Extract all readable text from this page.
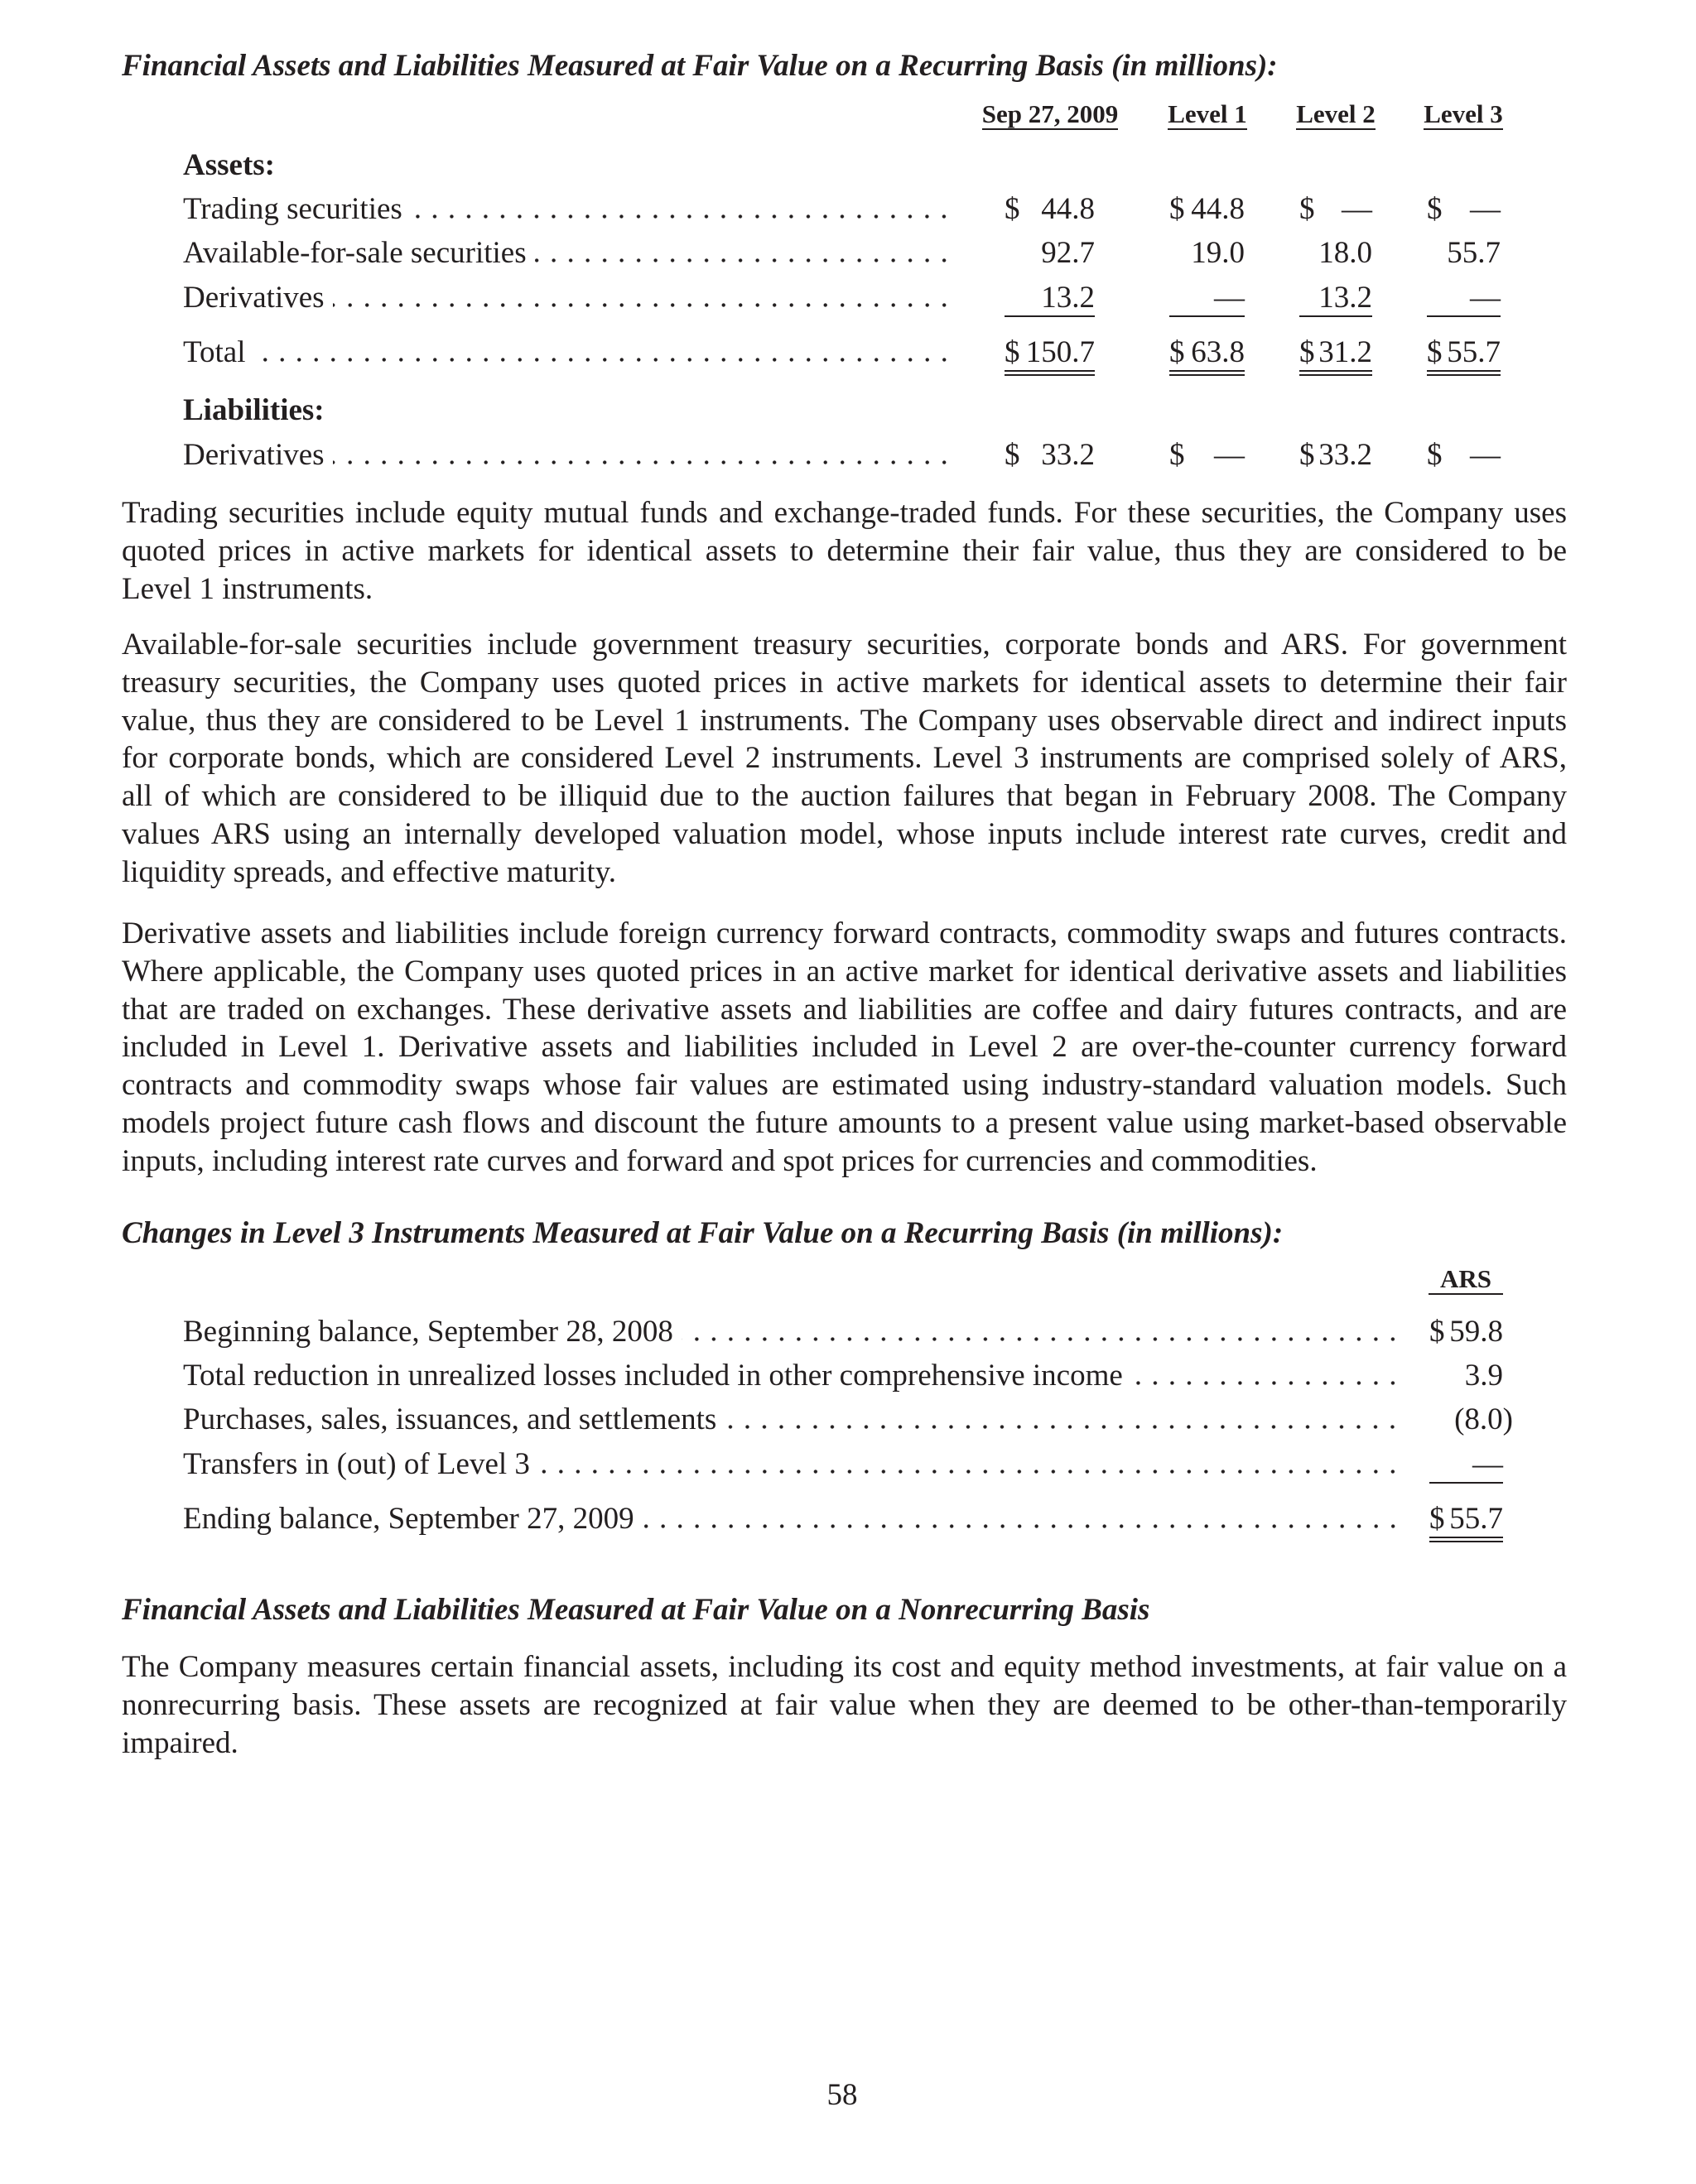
Financial Assets and Liabilities Measured at Fair Value on a Recurring Basis (in millions):
Sep 27, 2009	Level 1	Level 2	Level 3
Assets:
Trading securities	$ 44.8 $ 44.8 $ — $ —
Available-for-sale securities	92.7	19.0 18.0 55.7
Derivatives	13.2	— 13.2	—
Total	$ 150.7 $ 63.8 $ 31.2 $ 55.7
Liabilities:
Derivatives	$ 33.2 $ — $ 33.2 $ —
Trading securities include equity mutual funds and exchange-traded funds. For these securities, the Company uses
quoted prices in active markets for identical assets to determine their fair value, thus they are considered to be
Level 1 instruments.
Available-for-sale securities include government treasury securities, corporate bonds and ARS. For government
treasury securities, the Company uses quoted prices in active markets for identical assets to determine their fair
value, thus they are considered to be Level 1 instruments. The Company uses observable direct and indirect inputs
for corporate bonds, which are considered Level 2 instruments. Level 3 instruments are comprised solely of ARS,
all of which are considered to be illiquid due to the auction failures that began in February 2008. The Company
values ARS using an internally developed valuation model, whose inputs include interest rate curves, credit and
liquidity spreads, and effective maturity.
Derivative assets and liabilities include foreign currency forward contracts, commodity swaps and futures contracts.
Where applicable, the Company uses quoted prices in an active market for identical derivative assets and liabilities
that are traded on exchanges. These derivative assets and liabilities are coffee and dairy futures contracts, and are
included in Level 1. Derivative assets and liabilities included in Level 2 are over-the-counter currency forward
contracts and commodity swaps whose fair values are estimated using industry-standard valuation models. Such
models project future cash flows and discount the future amounts to a present value using market-based observable
inputs, including interest rate curves and forward and spot prices for currencies and commodities.
Changes in Level 3 Instruments Measured at Fair Value on a Recurring Basis (in millions):
ARS
Beginning balance, September 28, 2008	$ 59.8
Total reduction in unrealized losses included in other comprehensive income	3.9
Purchases, sales, issuances, and settlements	(8.0)
Transfers in (out) of Level 3	—
Ending balance, September 27, 2009	$ 55.7
Financial Assets and Liabilities Measured at Fair Value on a Nonrecurring Basis
The Company measures certain financial assets, including its cost and equity method investments, at fair value on a
nonrecurring basis. These assets are recognized at fair value when they are deemed to be other-than-temporarily
impaired.
58
